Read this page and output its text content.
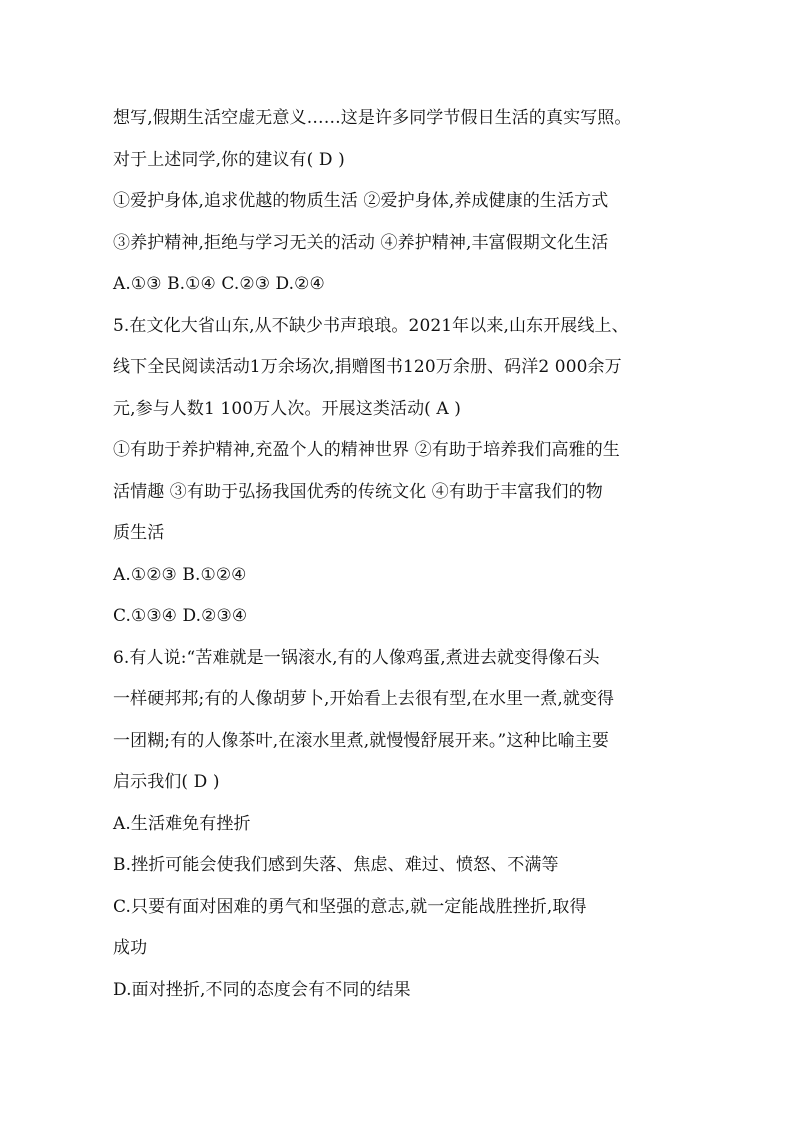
想写,假期生活空虚无意义……这是许多同学节假日生活的真实写照。
对于上述同学,你的建议有( D )
①爱护身体,追求优越的物质生活 ②爱护身体,养成健康的生活方式
③养护精神,拒绝与学习无关的活动 ④养护精神,丰富假期文化生活
A.①③ B.①④ C.②③ D.②④
5.在文化大省山东,从不缺少书声琅琅。2021年以来,山东开展线上、
线下全民阅读活动1万余场次,捐赠图书120万余册、码洋2 000余万
元,参与人数1 100万人次。开展这类活动( A )
①有助于养护精神,充盈个人的精神世界 ②有助于培养我们高雅的生
活情趣 ③有助于弘扬我国优秀的传统文化 ④有助于丰富我们的物
质生活
A.①②③ B.①②④
C.①③④ D.②③④
6.有人说:“苦难就是一锅滚水,有的人像鸡蛋,煮进去就变得像石头
一样硬邦邦;有的人像胡萝卜,开始看上去很有型,在水里一煮,就变得
一团糊;有的人像茶叶,在滚水里煮,就慢慢舒展开来。”这种比喻主要
启示我们( D )
A.生活难免有挫折
B.挫折可能会使我们感到失落、焦虑、难过、愤怒、不满等
C.只要有面对困难的勇气和坚强的意志,就一定能战胜挫折,取得
成功
D.面对挫折,不同的态度会有不同的结果
